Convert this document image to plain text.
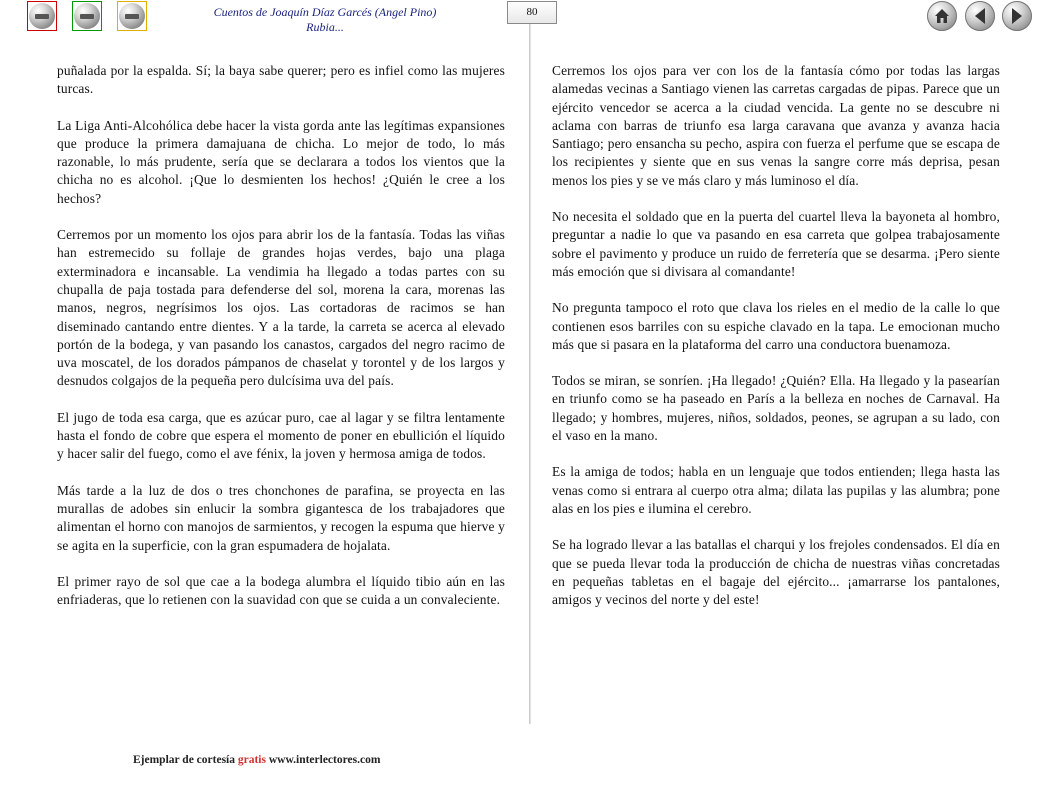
Cuentos de Joaquín Díaz Garcés (Angel Pino)
Rubia...
80

puñalada por la espalda. Sí; la baya sabe querer; pero es infiel como las mujeres turcas.

La Liga Anti-Alcohólica debe hacer la vista gorda ante las legítimas expansiones que produce la primera damajuana de chicha. Lo mejor de todo, lo más razonable, lo más prudente, sería que se declarara a todos los vientos que la chicha no es alcohol. ¡Que lo desmienten los hechos! ¿Quién le cree a los hechos?

Cerremos por un momento los ojos para abrir los de la fantasía. Todas las viñas han estremecido su follaje de grandes hojas verdes, bajo una plaga exterminadora e incansable. La vendimia ha llegado a todas partes con su chupalla de paja tostada para defenderse del sol, morena la cara, morenas las manos, negros, negrísimos los ojos. Las cortadoras de racimos se han diseminado cantando entre dientes. Y a la tarde, la carreta se acerca al elevado portón de la bodega, y van pasando los canastos, cargados del negro racimo de uva moscatel, de los dorados pámpanos de chaselat y torontel y de los largos y desnudos colgajos de la pequeña pero dulcísima uva del país.

El jugo de toda esa carga, que es azúcar puro, cae al lagar y se filtra lentamente hasta el fondo de cobre que espera el momento de poner en ebullición el líquido y hacer salir del fuego, como el ave fénix, la joven y hermosa amiga de todos.

Más tarde a la luz de dos o tres chonchones de parafina, se proyecta en las murallas de adobes sin enlucir la sombra gigantesca de los trabajadores que alimentan el horno con manojos de sarmientos, y recogen la espuma que hierve y se agita en la superficie, con la gran espumadera de hojalata.

El primer rayo de sol que cae a la bodega alumbra el líquido tibio aún en las enfriaderas, que lo retienen con la suavidad con que se cuida a un convaleciente.

Cerremos los ojos para ver con los de la fantasía cómo por todas las largas alamedas vecinas a Santiago vienen las carretas cargadas de pipas. Parece que un ejército vencedor se acerca a la ciudad vencida. La gente no se descubre ni aclama con barras de triunfo esa larga caravana que avanza y avanza hacia Santiago; pero ensancha su pecho, aspira con fuerza el perfume que se escapa de los recipientes y siente que en sus venas la sangre corre más deprisa, pesan menos los pies y se ve más claro y más luminoso el día.

No necesita el soldado que en la puerta del cuartel lleva la bayoneta al hombro, preguntar a nadie lo que va pasando en esa carreta que golpea trabajosamente sobre el pavimento y produce un ruido de ferretería que se desarma. ¡Pero siente más emoción que si divisara al comandante!

No pregunta tampoco el roto que clava los rieles en el medio de la calle lo que contienen esos barriles con su espiche clavado en la tapa. Le emocionan mucho más que si pasara en la plataforma del carro una conductora buenamoza.

Todos se miran, se sonríen. ¡Ha llegado! ¿Quién? Ella. Ha llegado y la pasearían en triunfo como se ha paseado en París a la belleza en noches de Carnaval. Ha llegado; y hombres, mujeres, niños, soldados, peones, se agrupan a su lado, con el vaso en la mano.

Es la amiga de todos; habla en un lenguaje que todos entienden; llega hasta las venas como si entrara al cuerpo otra alma; dilata las pupilas y las alumbra; pone alas en los pies e ilumina el cerebro.

Se ha logrado llevar a las batallas el charqui y los frejoles condensados. El día en que se pueda llevar toda la producción de chicha de nuestras viñas concretadas en pequeñas tabletas en el bagaje del ejército... ¡amarrarse los pantalones, amigos y vecinos del norte y del este!

Ejemplar de cortesía gratis www.interlectores.com
